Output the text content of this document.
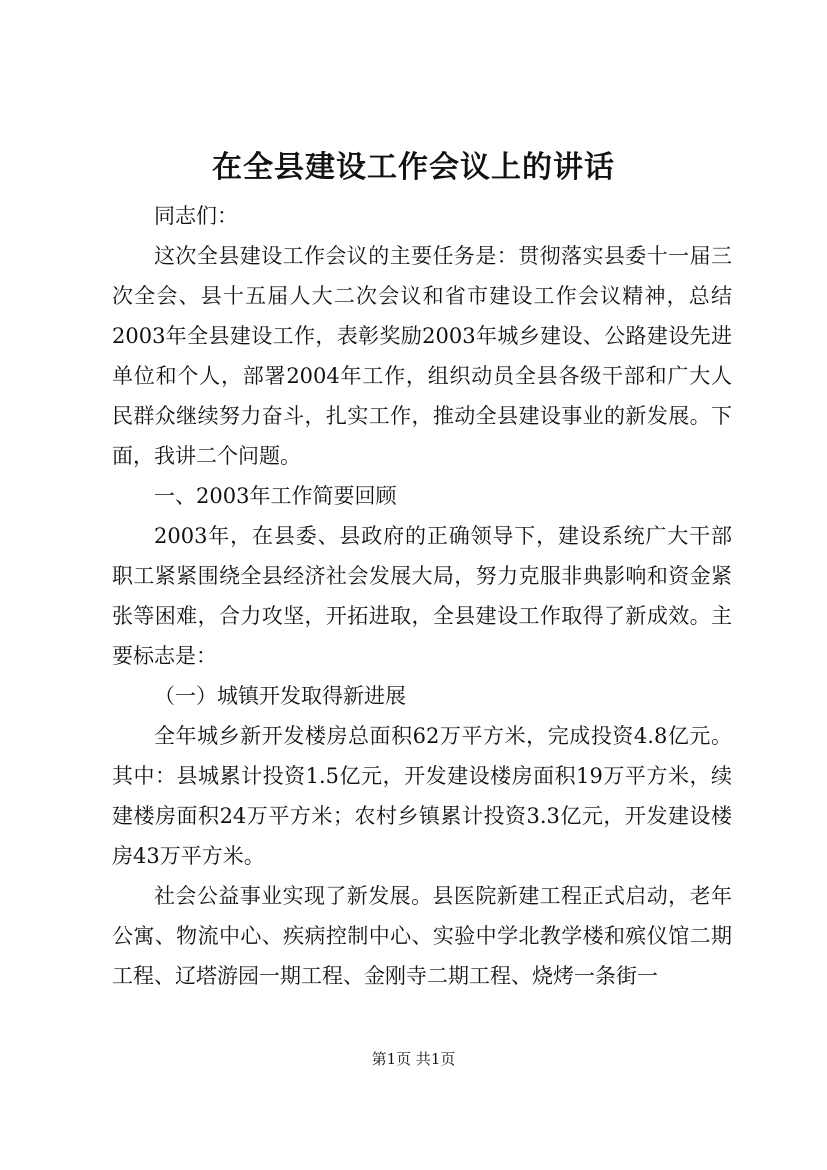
在全县建设工作会议上的讲话

同志们：

这次全县建设工作会议的主要任务是：贯彻落实县委十一届三次全会、县十五届人大二次会议和省市建设工作会议精神，总结2003年全县建设工作，表彰奖励2003年城乡建设、公路建设先进单位和个人，部署2004年工作，组织动员全县各级干部和广大人民群众继续努力奋斗，扎实工作，推动全县建设事业的新发展。下面，我讲二个问题。

一、2003年工作简要回顾

2003年，在县委、县政府的正确领导下，建设系统广大干部职工紧紧围绕全县经济社会发展大局，努力克服非典影响和资金紧张等困难，合力攻坚，开拓进取，全县建设工作取得了新成效。主要标志是：

（一）城镇开发取得新进展

全年城乡新开发楼房总面积62万平方米，完成投资4.8亿元。其中：县城累计投资1.5亿元，开发建设楼房面积19万平方米，续建楼房面积24万平方米；农村乡镇累计投资3.3亿元，开发建设楼房43万平方米。

社会公益事业实现了新发展。县医院新建工程正式启动，老年公寓、物流中心、疾病控制中心、实验中学北教学楼和殡仪馆二期工程、辽塔游园一期工程、金刚寺二期工程、烧烤一条街一

第1页 共1页
